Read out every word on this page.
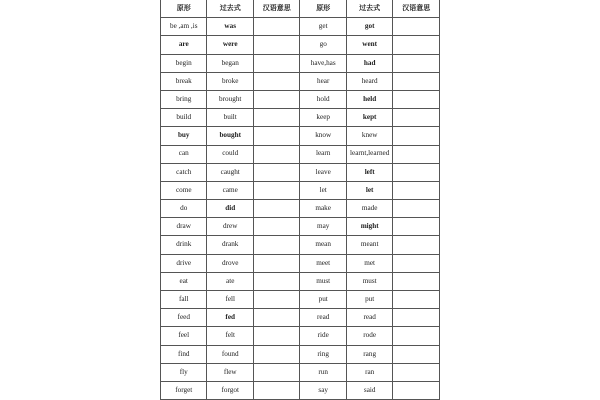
原形	过去式	汉语意思	原形	过去式	汉语意思
be ,am ,is	was		get	got	
are	were		go	went	
begin	began		have,has	had	
break	broke		hear	heard	
bring	brought		hold	held	
build	built		keep	kept	
buy	bought		know	knew	
can	could		learn	learnt,learned	
catch	caught		leave	left	
come	came		let	let	
do	did		make	made	
draw	drew		may	might	
drink	drank		mean	meant	
drive	drove		meet	met	
eat	ate		must	must	
fall	fell		put	put	
feed	fed		read	read	
feel	felt		ride	rode	
find	found		ring	rang	
fly	flew		run	ran	
forget	forgot		say	said	
